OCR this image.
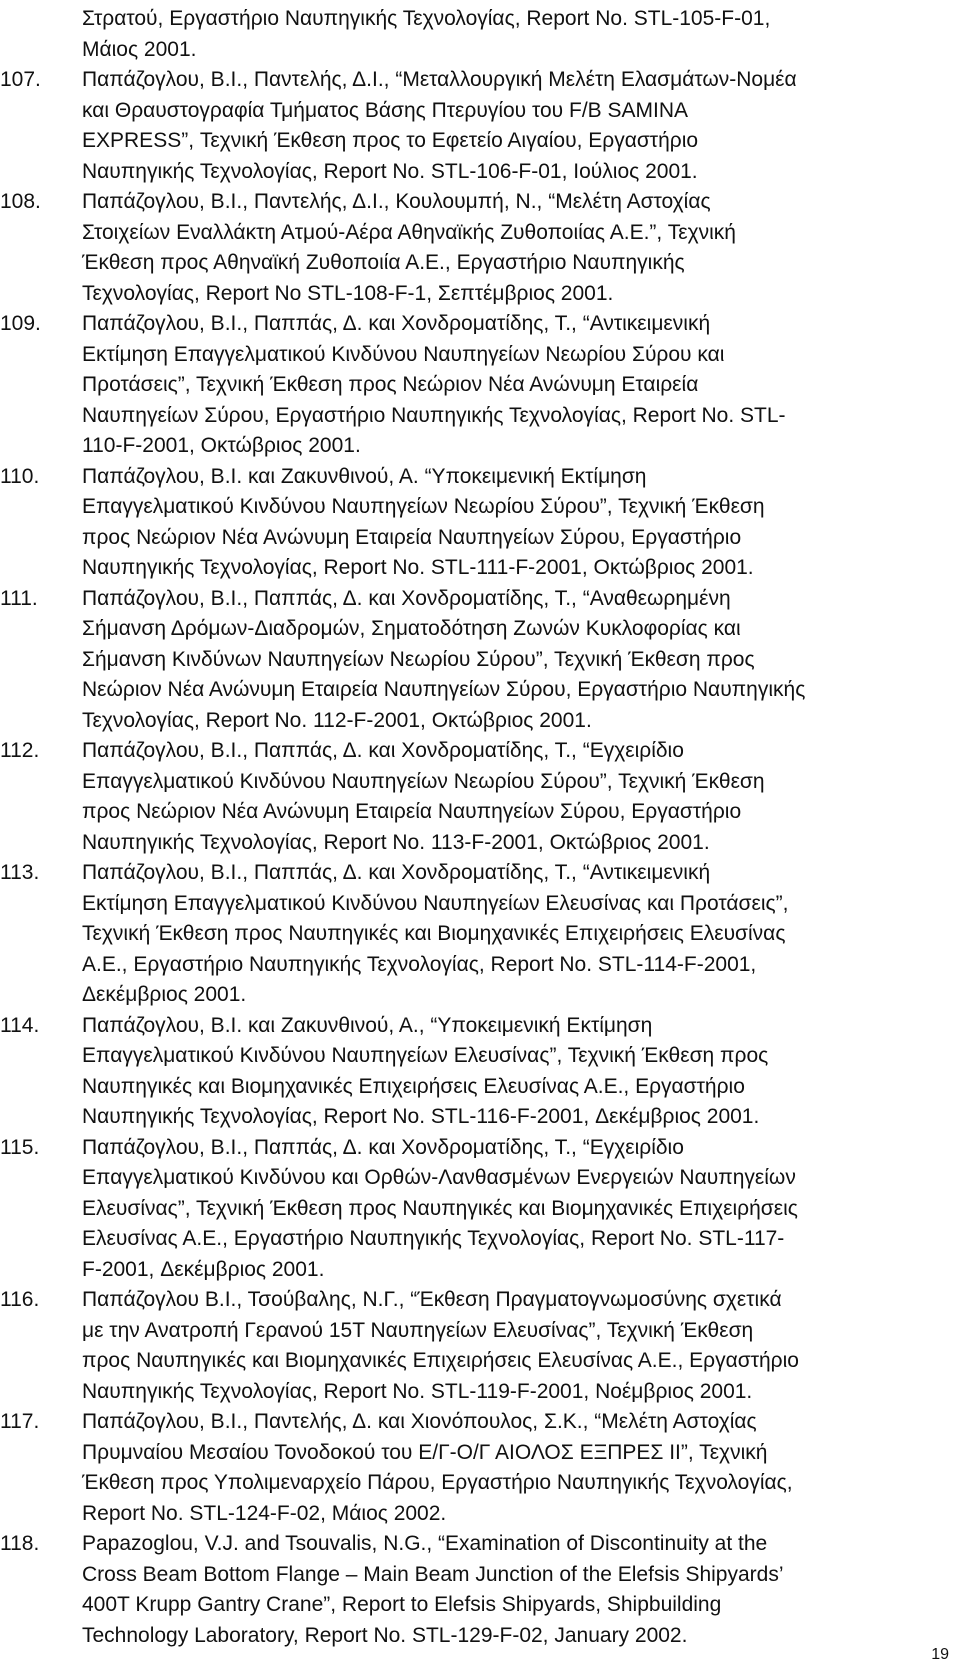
Στρατού, Εργαστήριο Ναυπηγικής Τεχνολογίας, Report No. STL-105-F-01,
Μάιος 2001.
107.	Παπάζογλου, Β.Ι., Παντελής, Δ.Ι., “Μεταλλουργική Μελέτη Ελασμάτων-Νομέα
και Θραυστογραφία Τμήματος Βάσης Πτερυγίου του F/B SAMINA
EXPRESS”, Τεχνική Έκθεση προς το Εφετείο Αιγαίου, Εργαστήριο
Ναυπηγικής Τεχνολογίας, Report No. STL-106-F-01, Ιούλιος 2001.
108.	Παπάζογλου, Β.Ι., Παντελής, Δ.Ι., Κουλουμπή, Ν., “Μελέτη Αστοχίας
Στοιχείων Εναλλάκτη Ατμού-Αέρα Αθηναϊκής Ζυθοποιίας Α.Ε.”, Τεχνική
Έκθεση προς Αθηναϊκή Ζυθοποιία Α.Ε., Εργαστήριο Ναυπηγικής
Τεχνολογίας, Report No STL-108-F-1, Σεπτέμβριος 2001.
109.	Παπάζογλου, Β.Ι., Παππάς, Δ. και Χονδροματίδης, Τ., “Αντικειμενική
Εκτίμηση Επαγγελματικού Κινδύνου Ναυπηγείων Νεωρίου Σύρου και
Προτάσεις”, Τεχνική Έκθεση προς Νεώριον Νέα Ανώνυμη Εταιρεία
Ναυπηγείων Σύρου, Εργαστήριο Ναυπηγικής Τεχνολογίας, Report No. STL-
110-F-2001, Οκτώβριος 2001.
110.	Παπάζογλου, Β.Ι. και Ζακυνθινού, Α. “Υποκειμενική Εκτίμηση
Επαγγελματικού Κινδύνου Ναυπηγείων Νεωρίου Σύρου”, Τεχνική Έκθεση
προς Νεώριον Νέα Ανώνυμη Εταιρεία Ναυπηγείων Σύρου, Εργαστήριο
Ναυπηγικής Τεχνολογίας, Report No. STL-111-F-2001, Οκτώβριος 2001.
111.	Παπάζογλου, Β.Ι., Παππάς, Δ. και Χονδροματίδης, Τ., “Αναθεωρημένη
Σήμανση Δρόμων-Διαδρομών, Σηματοδότηση Ζωνών Κυκλοφορίας και
Σήμανση Κινδύνων Ναυπηγείων Νεωρίου Σύρου”, Τεχνική Έκθεση προς
Νεώριον Νέα Ανώνυμη Εταιρεία Ναυπηγείων Σύρου, Εργαστήριο Ναυπηγικής
Τεχνολογίας, Report No. 112-F-2001, Οκτώβριος 2001.
112.	Παπάζογλου, Β.Ι., Παππάς, Δ. και Χονδροματίδης, Τ., “Εγχειρίδιο
Επαγγελματικού Κινδύνου Ναυπηγείων Νεωρίου Σύρου”, Τεχνική Έκθεση
προς Νεώριον Νέα Ανώνυμη Εταιρεία Ναυπηγείων Σύρου, Εργαστήριο
Ναυπηγικής Τεχνολογίας, Report No. 113-F-2001, Οκτώβριος 2001.
113.	Παπάζογλου, Β.Ι., Παππάς, Δ. και Χονδροματίδης, Τ., “Αντικειμενική
Εκτίμηση Επαγγελματικού Κινδύνου Ναυπηγείων Ελευσίνας και Προτάσεις”,
Τεχνική Έκθεση προς Ναυπηγικές και Βιομηχανικές Επιχειρήσεις Ελευσίνας
Α.Ε., Εργαστήριο Ναυπηγικής Τεχνολογίας, Report No. STL-114-F-2001,
Δεκέμβριος 2001.
114.	Παπάζογλου, Β.Ι. και Ζακυνθινού, Α., “Υποκειμενική Εκτίμηση
Επαγγελματικού Κινδύνου Ναυπηγείων Ελευσίνας”, Τεχνική Έκθεση προς
Ναυπηγικές και Βιομηχανικές Επιχειρήσεις Ελευσίνας Α.Ε., Εργαστήριο
Ναυπηγικής Τεχνολογίας, Report No. STL-116-F-2001, Δεκέμβριος 2001.
115.	Παπάζογλου, Β.Ι., Παππάς, Δ. και Χονδροματίδης, Τ., “Εγχειρίδιο
Επαγγελματικού Κινδύνου και Ορθών-Λανθασμένων Ενεργειών Ναυπηγείων
Ελευσίνας”, Τεχνική Έκθεση προς Ναυπηγικές και Βιομηχανικές Επιχειρήσεις
Ελευσίνας Α.Ε., Εργαστήριο Ναυπηγικής Τεχνολογίας, Report No. STL-117-
F-2001, Δεκέμβριος 2001.
116.	Παπάζογλου Β.Ι., Τσούβαλης, Ν.Γ., “Έκθεση Πραγματογνωμοσύνης σχετικά
με την Ανατροπή Γερανού 15Τ Ναυπηγείων Ελευσίνας”, Τεχνική Έκθεση
προς Ναυπηγικές και Βιομηχανικές Επιχειρήσεις Ελευσίνας Α.Ε., Εργαστήριο
Ναυπηγικής Τεχνολογίας, Report No. STL-119-F-2001, Νοέμβριος 2001.
117.	Παπάζογλου, Β.Ι., Παντελής, Δ. και Χιονόπουλος, Σ.Κ., “Μελέτη Αστοχίας
Πρυμναίου Μεσαίου Τονοδοκού του Ε/Γ-Ο/Γ ΑΙΟΛΟΣ ΕΞΠΡΕΣ ΙΙ”, Τεχνική
Έκθεση προς Υπολιμεναρχείο Πάρου, Εργαστήριο Ναυπηγικής Τεχνολογίας,
Report No. STL-124-F-02, Μάιος 2002.
118.	Papazoglou, V.J. and Tsouvalis, N.G., “Examination of Discontinuity at the
Cross Beam Bottom Flange – Main Beam Junction of the Elefsis Shipyards’
400T Krupp Gantry Crane”, Report to Elefsis Shipyards, Shipbuilding
Technology Laboratory, Report No. STL-129-F-02, January 2002.
19
